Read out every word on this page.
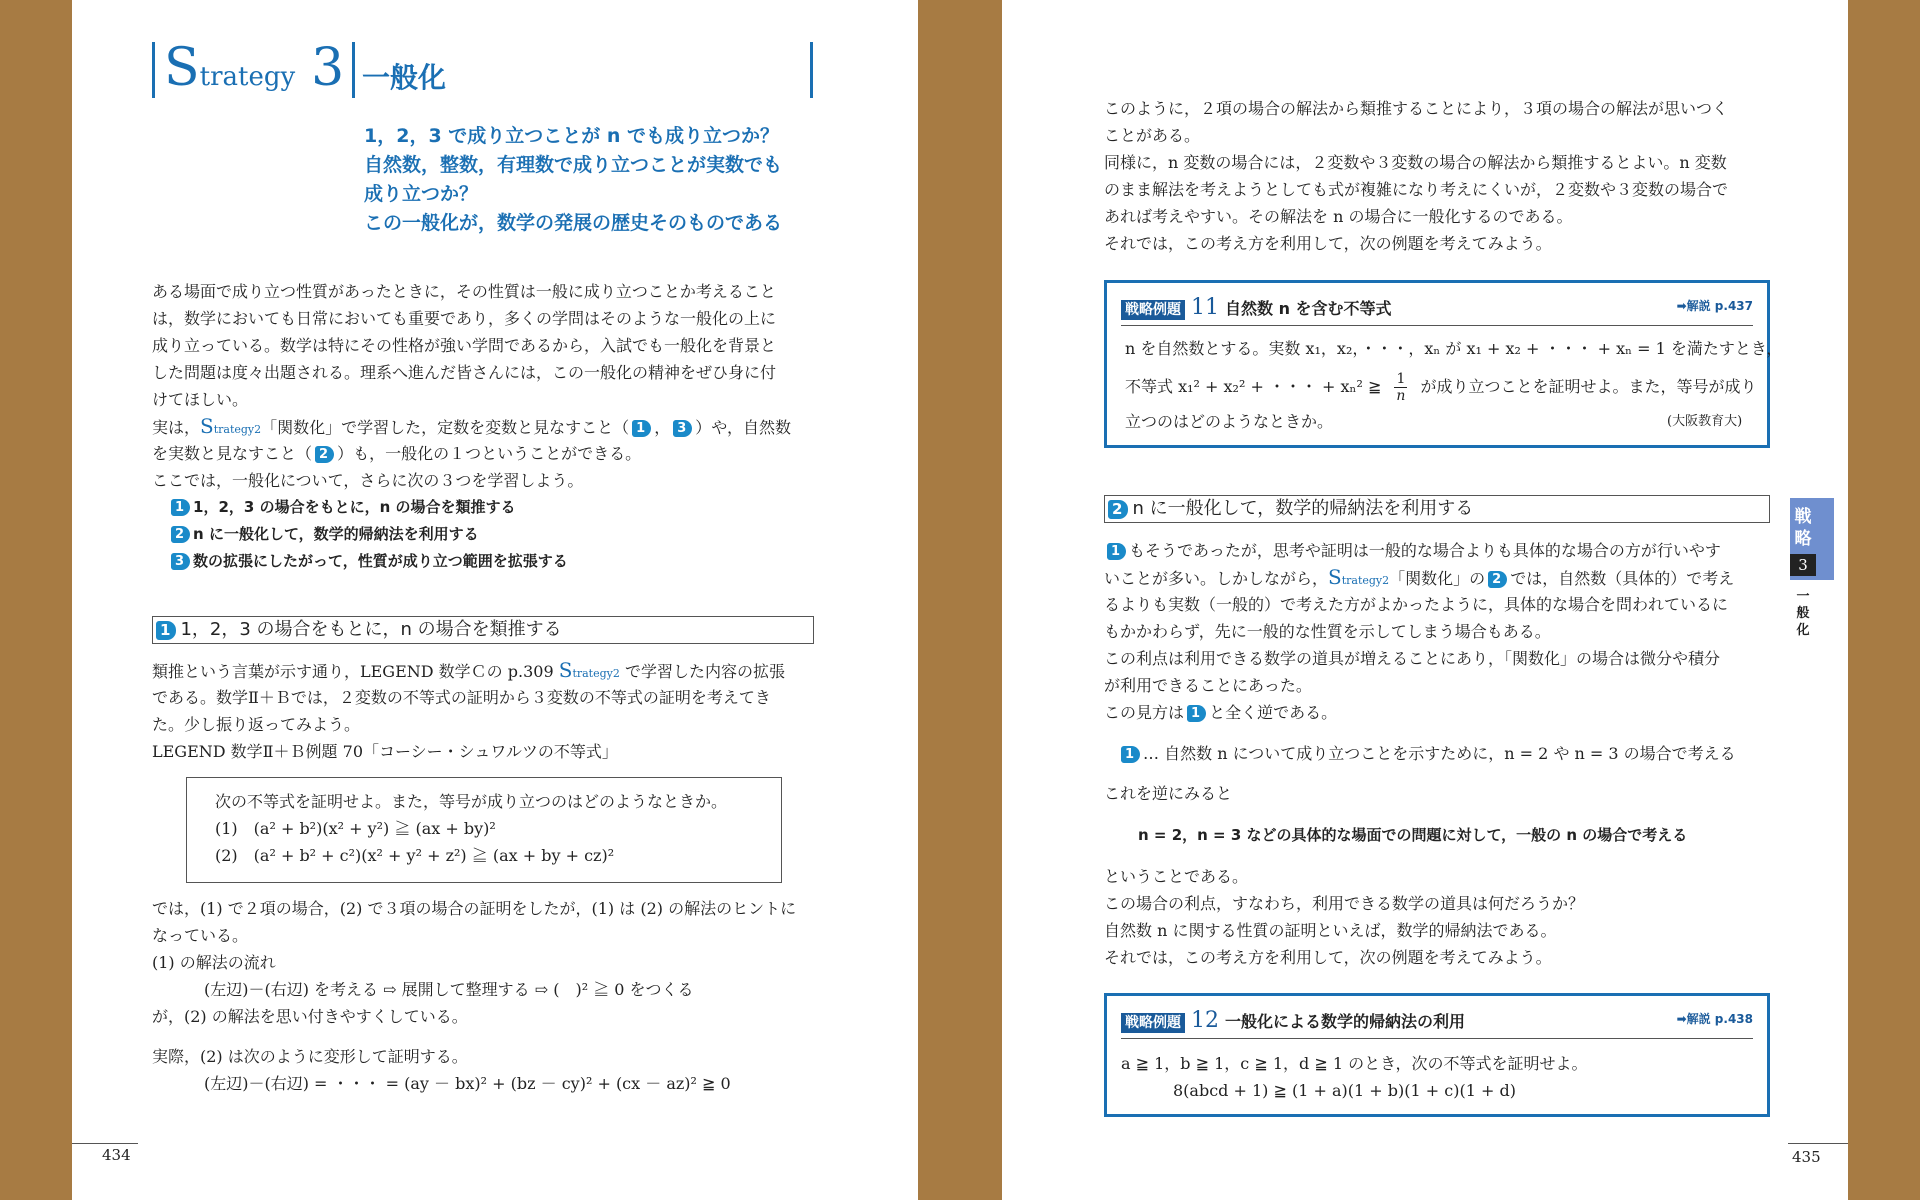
Strategy 3 一般化
1，2，3 で成り立つことが n でも成り立つか？
自然数，整数，有理数で成り立つことが実数でも
成り立つか？
この一般化が，数学の発展の歴史そのものである
ある場面で成り立つ性質があったときに，その性質は一般に成り立つことか考えること
は，数学においても日常においても重要であり，多くの学問はそのような一般化の上に
成り立っている。数学は特にその性格が強い学問であるから，入試でも一般化を背景と
した問題は度々出題される。理系へ進んだ皆さんには，この一般化の精神をぜひ身に付
けてほしい。
実は，Strategy2「関数化」で学習した，定数を変数と見なすこと（ 1 ， 3 ）や，自然数
を実数と見なすこと（ 2 ）も，一般化の１つということができる。
ここでは，一般化について，さらに次の３つを学習しよう。
1 1，2，3 の場合をもとに，n の場合を類推する
2 n に一般化して，数学的帰納法を利用する
3 数の拡張にしたがって，性質が成り立つ範囲を拡張する
1 1，2，3 の場合をもとに，n の場合を類推する
類推という言葉が示す通り，LEGEND 数学Ｃの p.309 Strategy2 で学習した内容の拡張
である。数学Ⅱ＋Ｂでは，２変数の不等式の証明から３変数の不等式の証明を考えてき
た。少し振り返ってみよう。
LEGEND 数学Ⅱ＋Ｂ例題 70「コーシー・シュワルツの不等式」
次の不等式を証明せよ。また，等号が成り立つのはどのようなときか。
(1)　(a² + b²)(x² + y²) ≧ (ax + by)²
(2)　(a² + b² + c²)(x² + y² + z²) ≧ (ax + by + cz)²
では，(1) で２項の場合，(2) で３項の場合の証明をしたが，(1) は (2) の解法のヒントに
なっている。
(1) の解法の流れ
(左辺)－(右辺) を考える ⇨ 展開して整理する ⇨ (　)² ≧ 0 をつくる
が，(2) の解法を思い付きやすくしている。
実際，(2) は次のように変形して証明する。
(左辺)－(右辺) = ・・・ = (ay － bx)² + (bz － cy)² + (cx － az)² ≧ 0
434
このように，２項の場合の解法から類推することにより，３項の場合の解法が思いつく
ことがある。
同様に，n 変数の場合には，２変数や３変数の場合の解法から類推するとよい。n 変数
のまま解法を考えようとしても式が複雑になり考えにくいが，２変数や３変数の場合で
あれば考えやすい。その解法を n の場合に一般化するのである。
それでは，この考え方を利用して，次の例題を考えてみよう。
戦略例題 11 自然数 n を含む不等式	➡解説 p.437
n を自然数とする。実数 x₁，x₂，・・・，xₙ が x₁ + x₂ + ・・・ + xₙ = 1 を満たすとき，
不等式 x₁² + x₂² + ・・・ + xₙ² ≧ $\frac{1}{n}$ が成り立つことを証明せよ。また，等号が成り
立つのはどのようなときか。	(大阪教育大)
2 n に一般化して，数学的帰納法を利用する
1 もそうであったが，思考や証明は一般的な場合よりも具体的な場合の方が行いやす
いことが多い。しかしながら，Strategy2「関数化」の 2 では，自然数（具体的）で考え
るよりも実数（一般的）で考えた方がよかったように，具体的な場合を問われているに
もかかわらず，先に一般的な性質を示してしまう場合もある。
この利点は利用できる数学の道具が増えることにあり，「関数化」の場合は微分や積分
が利用できることにあった。
この見方は 1 と全く逆である。
1 … 自然数 n について成り立つことを示すために，n = 2 や n = 3 の場合で考える
これを逆にみると
n = 2，n = 3 などの具体的な場面での問題に対して，一般の n の場合で考える
ということである。
この場合の利点，すなわち，利用できる数学の道具は何だろうか？
自然数 n に関する性質の証明といえば，数学的帰納法である。
それでは，この考え方を利用して，次の例題を考えてみよう。
戦略例題 12 一般化による数学的帰納法の利用	➡解説 p.438
a ≧ 1，b ≧ 1，c ≧ 1，d ≧ 1 のとき，次の不等式を証明せよ。
8(abcd + 1) ≧ (1 + a)(1 + b)(1 + c)(1 + d)
435
戦
略
3
一
般
化
